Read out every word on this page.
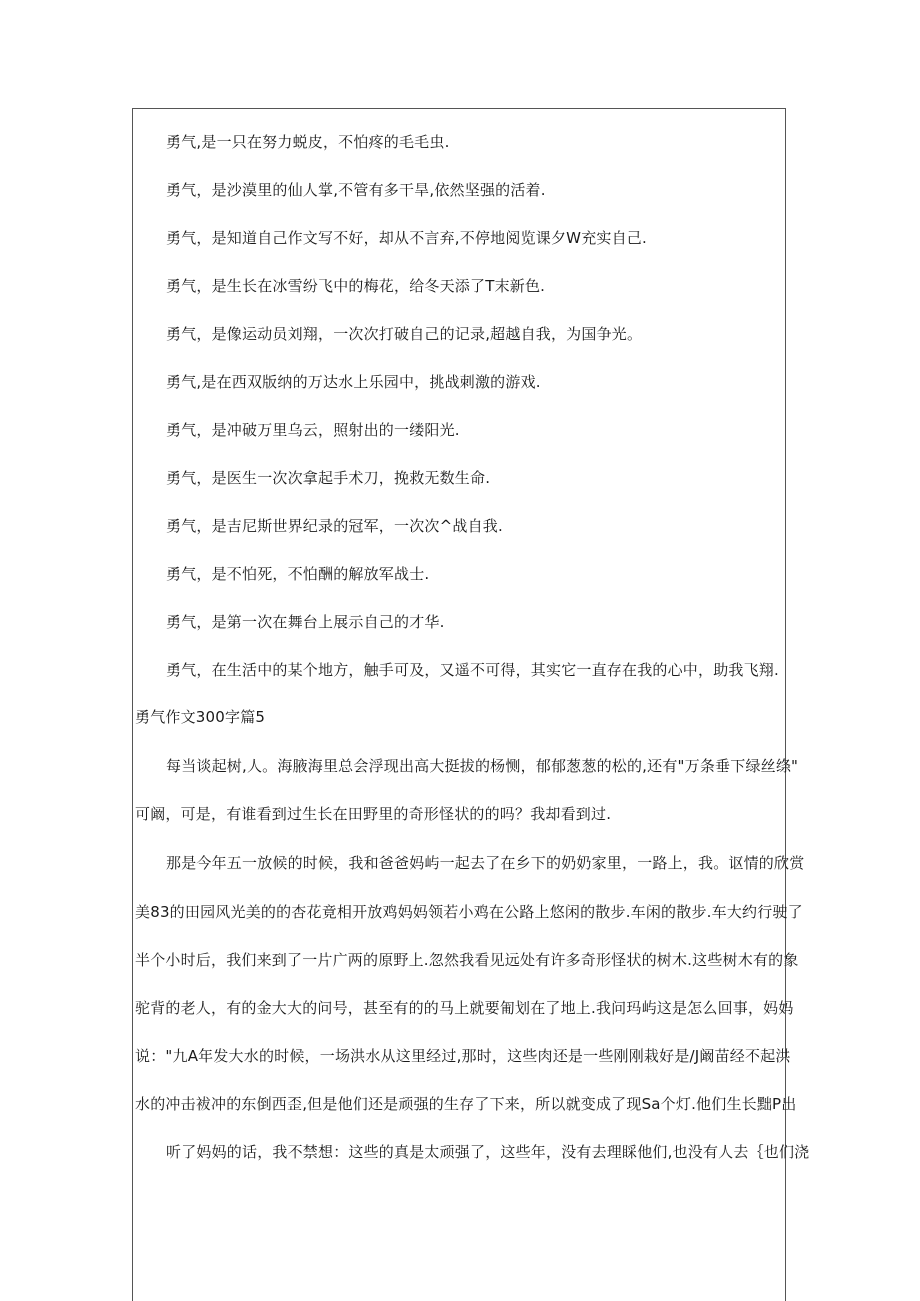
勇气,是一只在努力蜕皮，不怕疼的毛毛虫.
勇气，是沙漠里的仙人掌,不管有多干旱,依然坚强的活着.
勇气，是知道自己作文写不好，却从不言弃,不停地阅览课夕W充实自己.
勇气，是生长在冰雪纷飞中的梅花，给冬天添了T末新色.
勇气，是像运动员刘翔，一次次打破自己的记录,超越自我，为国争光。
勇气,是在西双版纳的万达水上乐园中，挑战刺激的游戏.
勇气，是冲破万里乌云，照射出的一缕阳光.
勇气，是医生一次次拿起手术刀，挽救无数生命.
勇气，是吉尼斯世界纪录的冠军，一次次^战自我.
勇气，是不怕死，不怕酬的解放军战士.
勇气，是第一次在舞台上展示自己的才华.
勇气，在生活中的某个地方，触手可及，又遥不可得，其实它一直存在我的心中，助我飞翔.
勇气作文300字篇5
每当谈起树,人。海腋海里总会浮现出高大挺拔的杨恻，郁郁葱葱的松的,还有"万条垂下绿丝绦"
可阚，可是，有谁看到过生长在田野里的奇形怪状的的吗？我却看到过.
那是今年五一放候的时候，我和爸爸妈屿一起去了在乡下的奶奶家里，一路上，我。讴情的欣赏
美83的田园风光美的的杏花竟相开放鸡妈妈领若小鸡在公路上悠闲的散步.车闲的散步.车大约行驶了
半个小时后，我们来到了一片广两的原野上.忽然我看见远处有许多奇形怪状的树木.这些树木有的象
驼背的老人，有的金大大的问号，甚至有的的马上就要匍划在了地上.我问玛屿这是怎么回事，妈妈
说："九A年发大水的时候，一场洪水从这里经过,那时，这些肉还是一些刚刚栽好是/J阚苗经不起洪
水的冲击袚冲的东倒西歪,但是他们还是顽强的生存了下来，所以就变成了现Sa个灯.他们生长黜P出
听了妈妈的话，我不禁想：这些的真是太顽强了，这些年，没有去理睬他们,也没有人去｛也们浇
